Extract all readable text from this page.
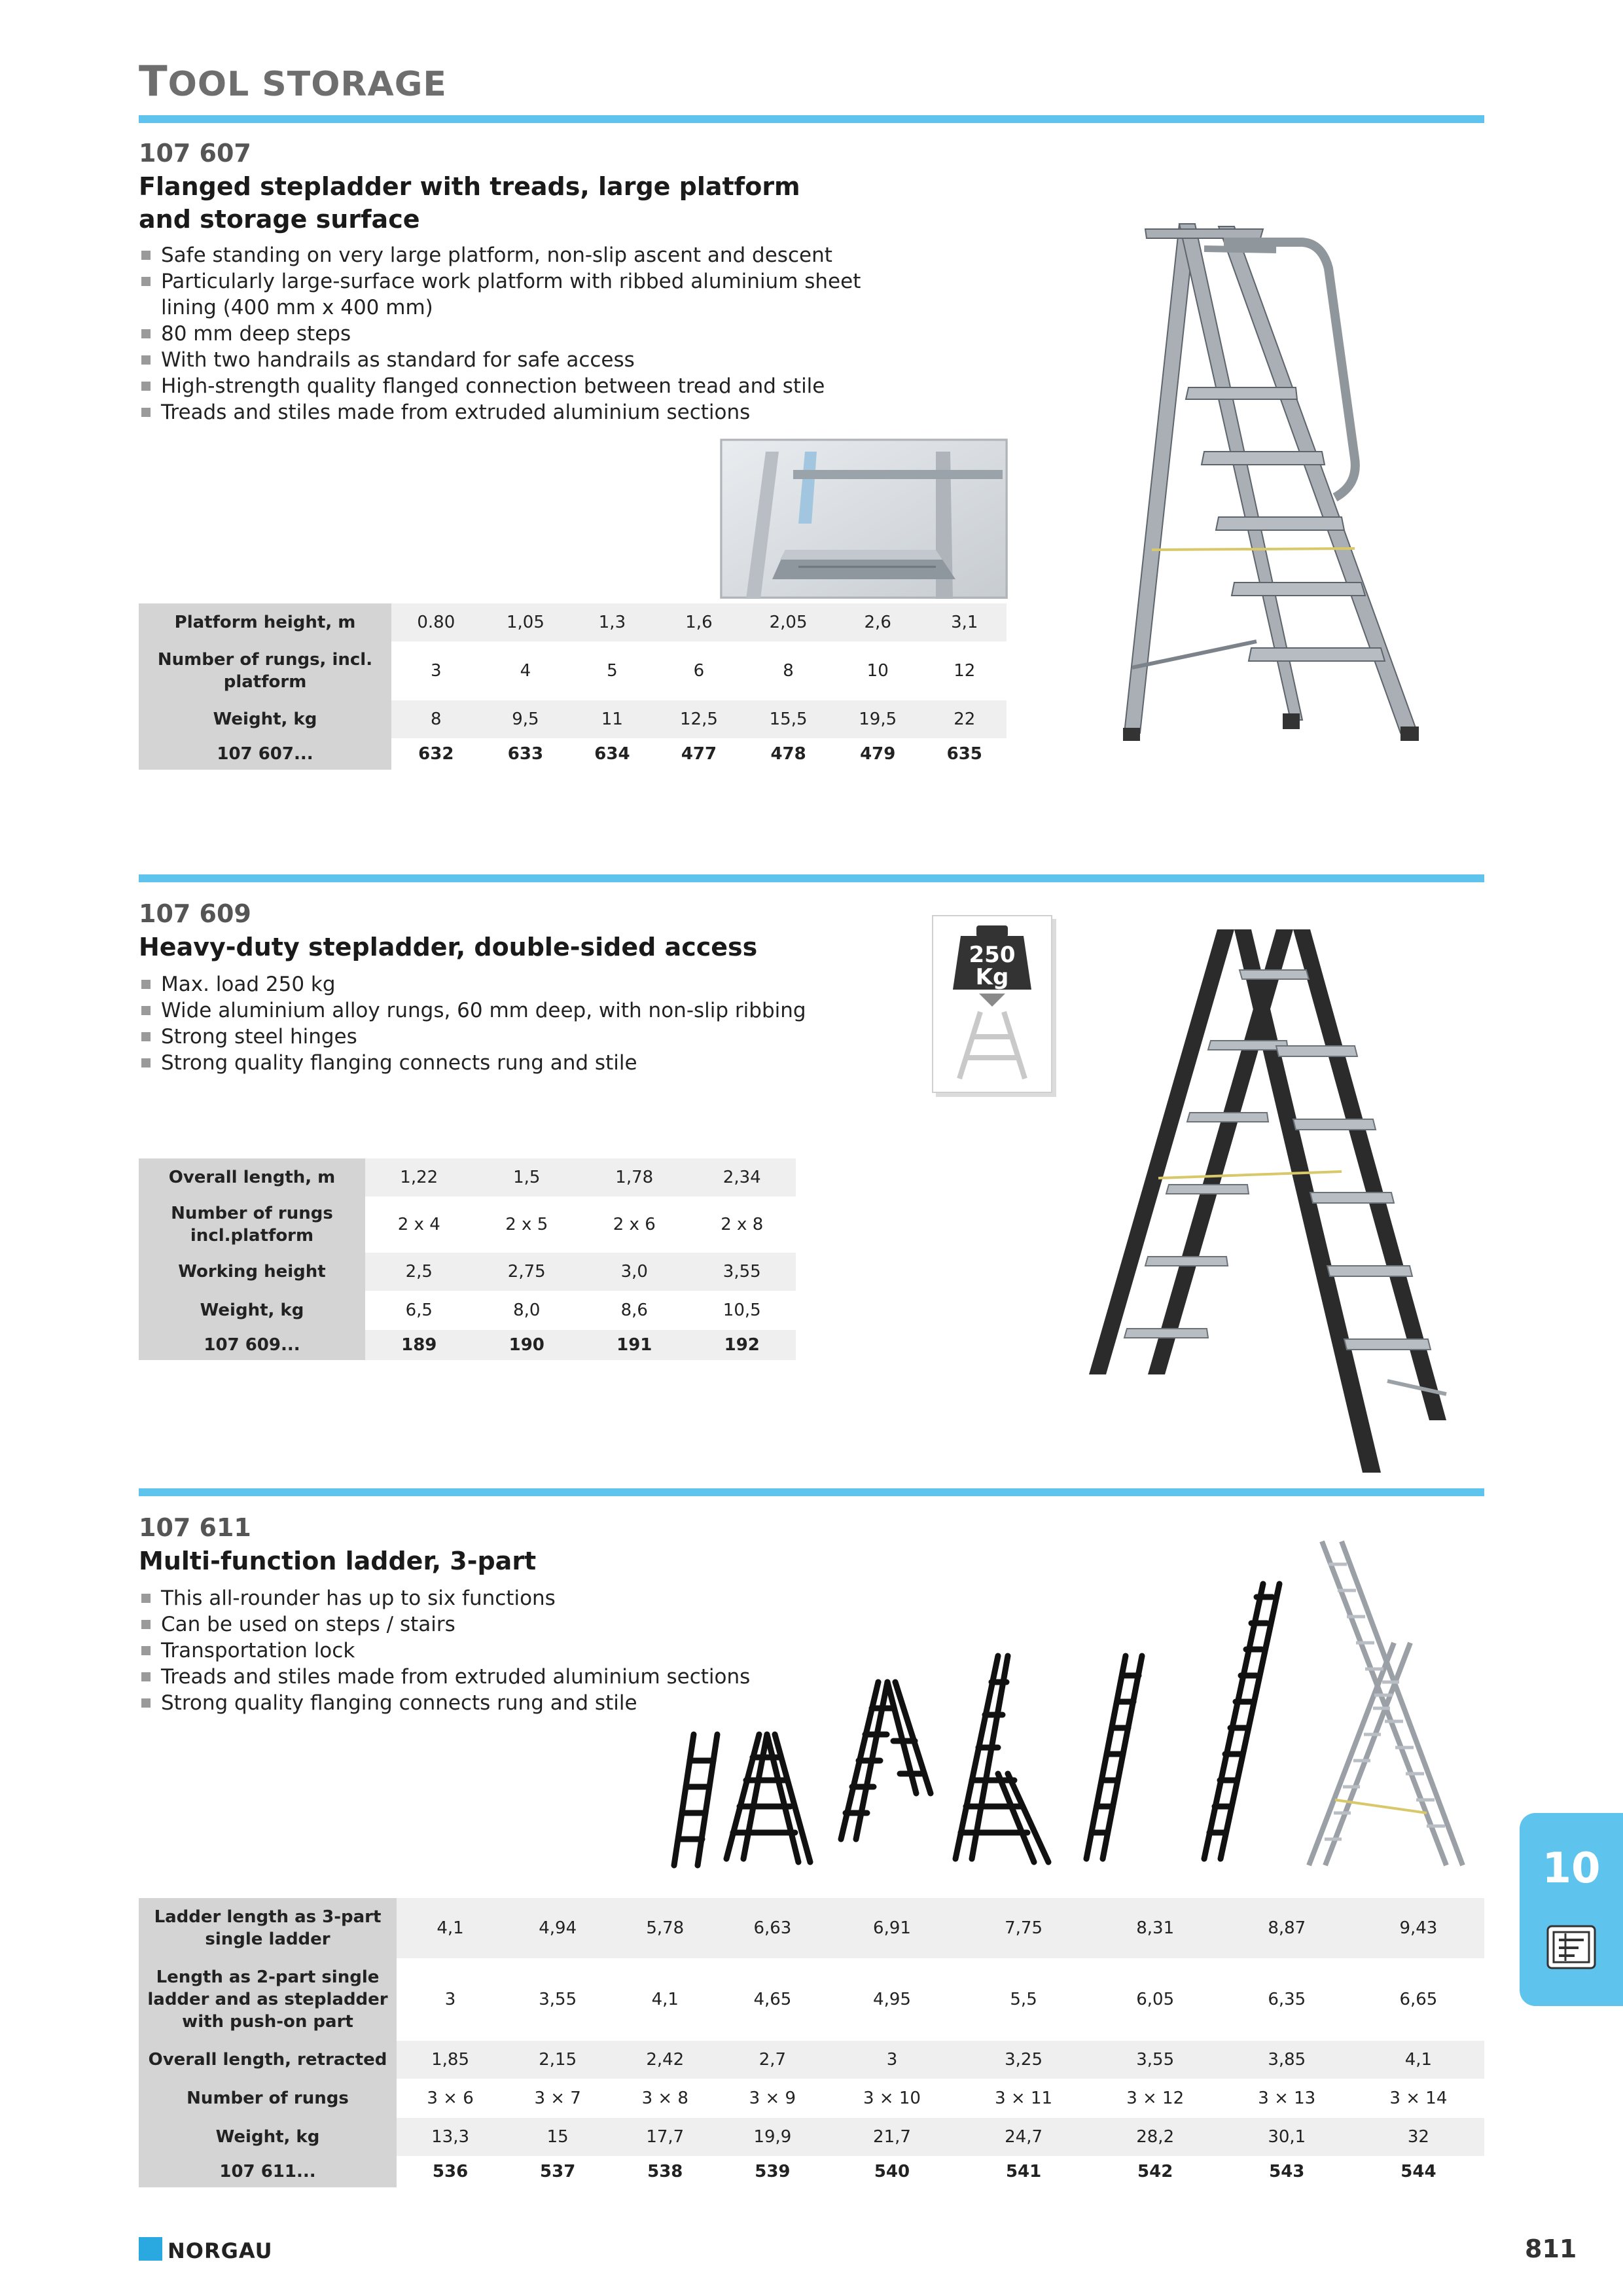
TOOL STORAGE
107 607
Flanged stepladder with treads, large platform and storage surface
Safe standing on very large platform, non-slip ascent and descent
Particularly large-surface work platform with ribbed aluminium sheet lining (400 mm x 400 mm)
80 mm deep steps
With two handrails as standard for safe access
High-strength quality flanged connection between tread and stile
Treads and stiles made from extruded aluminium sections
Platform height, m	0.80	1,05	1,3	1,6	2,05	2,6	3,1
Number of rungs, incl. platform	3	4	5	6	8	10	12
Weight, kg	8	9,5	11	12,5	15,5	19,5	22
107 607...	632	633	634	477	478	479	635
107 609
Heavy-duty stepladder, double-sided access
Max. load 250 kg
Wide aluminium alloy rungs, 60 mm deep, with non-slip ribbing
Strong steel hinges
Strong quality flanging connects rung and stile
250 Kg
Overall length, m	1,22	1,5	1,78	2,34
Number of rungs incl.platform	2 x 4	2 x 5	2 x 6	2 x 8
Working height	2,5	2,75	3,0	3,55
Weight, kg	6,5	8,0	8,6	10,5
107 609...	189	190	191	192
107 611
Multi-function ladder, 3-part
This all-rounder has up to six functions
Can be used on steps / stairs
Transportation lock
Treads and stiles made from extruded aluminium sections
Strong quality flanging connects rung and stile
Ladder length as 3-part single ladder	4,1	4,94	5,78	6,63	6,91	7,75	8,31	8,87	9,43
Length as 2-part single ladder and as stepladder with push-on part	3	3,55	4,1	4,65	4,95	5,5	6,05	6,35	6,65
Overall length, retracted	1,85	2,15	2,42	2,7	3	3,25	3,55	3,85	4,1
Number of rungs	3 × 6	3 × 7	3 × 8	3 × 9	3 × 10	3 × 11	3 × 12	3 × 13	3 × 14
Weight, kg	13,3	15	17,7	19,9	21,7	24,7	28,2	30,1	32
107 611...	536	537	538	539	540	541	542	543	544
10
NORGAU	811
